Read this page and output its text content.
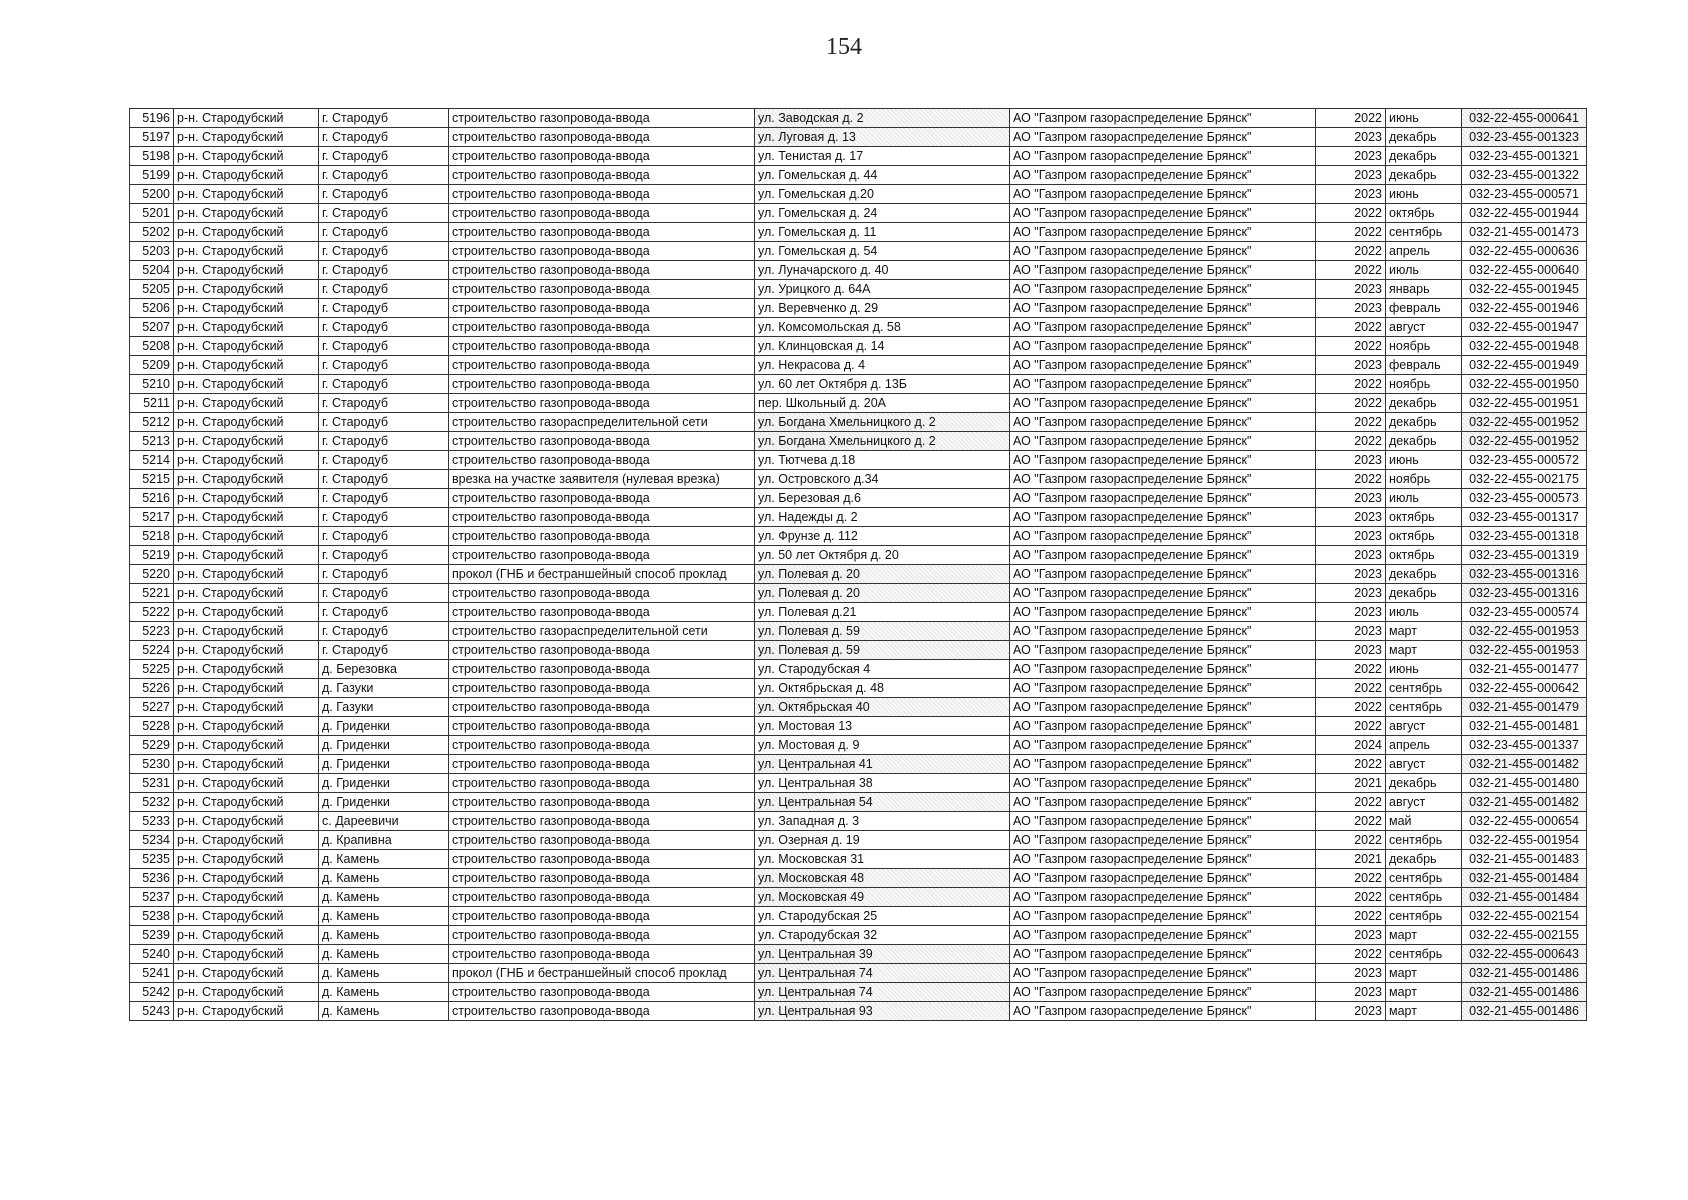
154
5196	р-н. Стародубский	г. Стародуб	строительство газопровода-ввода	ул. Заводская д. 2	АО "Газпром газораспределение Брянск"	2022	июнь	032-22-455-000641
5197	р-н. Стародубский	г. Стародуб	строительство газопровода-ввода	ул. Луговая д. 13	АО "Газпром газораспределение Брянск"	2023	декабрь	032-23-455-001323
5198	р-н. Стародубский	г. Стародуб	строительство газопровода-ввода	ул. Тенистая д. 17	АО "Газпром газораспределение Брянск"	2023	декабрь	032-23-455-001321
5199	р-н. Стародубский	г. Стародуб	строительство газопровода-ввода	ул. Гомельская д. 44	АО "Газпром газораспределение Брянск"	2023	декабрь	032-23-455-001322
5200	р-н. Стародубский	г. Стародуб	строительство газопровода-ввода	ул. Гомельская д.20	АО "Газпром газораспределение Брянск"	2023	июнь	032-23-455-000571
5201	р-н. Стародубский	г. Стародуб	строительство газопровода-ввода	ул. Гомельская д. 24	АО "Газпром газораспределение Брянск"	2022	октябрь	032-22-455-001944
5202	р-н. Стародубский	г. Стародуб	строительство газопровода-ввода	ул. Гомельская д. 11	АО "Газпром газораспределение Брянск"	2022	сентябрь	032-21-455-001473
5203	р-н. Стародубский	г. Стародуб	строительство газопровода-ввода	ул. Гомельская д. 54	АО "Газпром газораспределение Брянск"	2022	апрель	032-22-455-000636
5204	р-н. Стародубский	г. Стародуб	строительство газопровода-ввода	ул. Луначарского д. 40	АО "Газпром газораспределение Брянск"	2022	июль	032-22-455-000640
5205	р-н. Стародубский	г. Стародуб	строительство газопровода-ввода	ул. Урицкого д. 64А	АО "Газпром газораспределение Брянск"	2023	январь	032-22-455-001945
5206	р-н. Стародубский	г. Стародуб	строительство газопровода-ввода	ул. Веревченко д. 29	АО "Газпром газораспределение Брянск"	2023	февраль	032-22-455-001946
5207	р-н. Стародубский	г. Стародуб	строительство газопровода-ввода	ул. Комсомольская д. 58	АО "Газпром газораспределение Брянск"	2022	август	032-22-455-001947
5208	р-н. Стародубский	г. Стародуб	строительство газопровода-ввода	ул. Клинцовская д. 14	АО "Газпром газораспределение Брянск"	2022	ноябрь	032-22-455-001948
5209	р-н. Стародубский	г. Стародуб	строительство газопровода-ввода	ул. Некрасова д. 4	АО "Газпром газораспределение Брянск"	2023	февраль	032-22-455-001949
5210	р-н. Стародубский	г. Стародуб	строительство газопровода-ввода	ул. 60 лет Октября д. 13Б	АО "Газпром газораспределение Брянск"	2022	ноябрь	032-22-455-001950
5211	р-н. Стародубский	г. Стародуб	строительство газопровода-ввода	пер. Школьный д. 20А	АО "Газпром газораспределение Брянск"	2022	декабрь	032-22-455-001951
5212	р-н. Стародубский	г. Стародуб	строительство газораспределительной сети	ул. Богдана Хмельницкого д. 2	АО "Газпром газораспределение Брянск"	2022	декабрь	032-22-455-001952
5213	р-н. Стародубский	г. Стародуб	строительство газопровода-ввода	ул. Богдана Хмельницкого д. 2	АО "Газпром газораспределение Брянск"	2022	декабрь	032-22-455-001952
5214	р-н. Стародубский	г. Стародуб	строительство газопровода-ввода	ул. Тютчева д.18	АО "Газпром газораспределение Брянск"	2023	июнь	032-23-455-000572
5215	р-н. Стародубский	г. Стародуб	врезка на участке заявителя (нулевая врезка)	ул. Островского д.34	АО "Газпром газораспределение Брянск"	2022	ноябрь	032-22-455-002175
5216	р-н. Стародубский	г. Стародуб	строительство газопровода-ввода	ул. Березовая д.6	АО "Газпром газораспределение Брянск"	2023	июль	032-23-455-000573
5217	р-н. Стародубский	г. Стародуб	строительство газопровода-ввода	ул. Надежды д. 2	АО "Газпром газораспределение Брянск"	2023	октябрь	032-23-455-001317
5218	р-н. Стародубский	г. Стародуб	строительство газопровода-ввода	ул. Фрунзе д. 112	АО "Газпром газораспределение Брянск"	2023	октябрь	032-23-455-001318
5219	р-н. Стародубский	г. Стародуб	строительство газопровода-ввода	ул. 50 лет Октября д. 20	АО "Газпром газораспределение Брянск"	2023	октябрь	032-23-455-001319
5220	р-н. Стародубский	г. Стародуб	прокол (ГНБ и бестраншейный способ проклад	ул. Полевая д. 20	АО "Газпром газораспределение Брянск"	2023	декабрь	032-23-455-001316
5221	р-н. Стародубский	г. Стародуб	строительство газопровода-ввода	ул. Полевая д. 20	АО "Газпром газораспределение Брянск"	2023	декабрь	032-23-455-001316
5222	р-н. Стародубский	г. Стародуб	строительство газопровода-ввода	ул. Полевая д.21	АО "Газпром газораспределение Брянск"	2023	июль	032-23-455-000574
5223	р-н. Стародубский	г. Стародуб	строительство газораспределительной сети	ул. Полевая д. 59	АО "Газпром газораспределение Брянск"	2023	март	032-22-455-001953
5224	р-н. Стародубский	г. Стародуб	строительство газопровода-ввода	ул. Полевая д. 59	АО "Газпром газораспределение Брянск"	2023	март	032-22-455-001953
5225	р-н. Стародубский	д. Березовка	строительство газопровода-ввода	ул. Стародубская 4	АО "Газпром газораспределение Брянск"	2022	июнь	032-21-455-001477
5226	р-н. Стародубский	д. Газуки	строительство газопровода-ввода	ул. Октябрьская д. 48	АО "Газпром газораспределение Брянск"	2022	сентябрь	032-22-455-000642
5227	р-н. Стародубский	д. Газуки	строительство газопровода-ввода	ул. Октябрьская 40	АО "Газпром газораспределение Брянск"	2022	сентябрь	032-21-455-001479
5228	р-н. Стародубский	д. Гриденки	строительство газопровода-ввода	ул. Мостовая 13	АО "Газпром газораспределение Брянск"	2022	август	032-21-455-001481
5229	р-н. Стародубский	д. Гриденки	строительство газопровода-ввода	ул. Мостовая д. 9	АО "Газпром газораспределение Брянск"	2024	апрель	032-23-455-001337
5230	р-н. Стародубский	д. Гриденки	строительство газопровода-ввода	ул. Центральная 41	АО "Газпром газораспределение Брянск"	2022	август	032-21-455-001482
5231	р-н. Стародубский	д. Гриденки	строительство газопровода-ввода	ул. Центральная 38	АО "Газпром газораспределение Брянск"	2021	декабрь	032-21-455-001480
5232	р-н. Стародубский	д. Гриденки	строительство газопровода-ввода	ул. Центральная 54	АО "Газпром газораспределение Брянск"	2022	август	032-21-455-001482
5233	р-н. Стародубский	с. Дареевичи	строительство газопровода-ввода	ул. Западная д. 3	АО "Газпром газораспределение Брянск"	2022	май	032-22-455-000654
5234	р-н. Стародубский	д. Крапивна	строительство газопровода-ввода	ул. Озерная д. 19	АО "Газпром газораспределение Брянск"	2022	сентябрь	032-22-455-001954
5235	р-н. Стародубский	д. Камень	строительство газопровода-ввода	ул. Московская 31	АО "Газпром газораспределение Брянск"	2021	декабрь	032-21-455-001483
5236	р-н. Стародубский	д. Камень	строительство газопровода-ввода	ул. Московская 48	АО "Газпром газораспределение Брянск"	2022	сентябрь	032-21-455-001484
5237	р-н. Стародубский	д. Камень	строительство газопровода-ввода	ул. Московская 49	АО "Газпром газораспределение Брянск"	2022	сентябрь	032-21-455-001484
5238	р-н. Стародубский	д. Камень	строительство газопровода-ввода	ул. Стародубская 25	АО "Газпром газораспределение Брянск"	2022	сентябрь	032-22-455-002154
5239	р-н. Стародубский	д. Камень	строительство газопровода-ввода	ул. Стародубская 32	АО "Газпром газораспределение Брянск"	2023	март	032-22-455-002155
5240	р-н. Стародубский	д. Камень	строительство газопровода-ввода	ул. Центральная 39	АО "Газпром газораспределение Брянск"	2022	сентябрь	032-22-455-000643
5241	р-н. Стародубский	д. Камень	прокол (ГНБ и бестраншейный способ проклад	ул. Центральная 74	АО "Газпром газораспределение Брянск"	2023	март	032-21-455-001486
5242	р-н. Стародубский	д. Камень	строительство газопровода-ввода	ул. Центральная 74	АО "Газпром газораспределение Брянск"	2023	март	032-21-455-001486
5243	р-н. Стародубский	д. Камень	строительство газопровода-ввода	ул. Центральная 93	АО "Газпром газораспределение Брянск"	2023	март	032-21-455-001486
